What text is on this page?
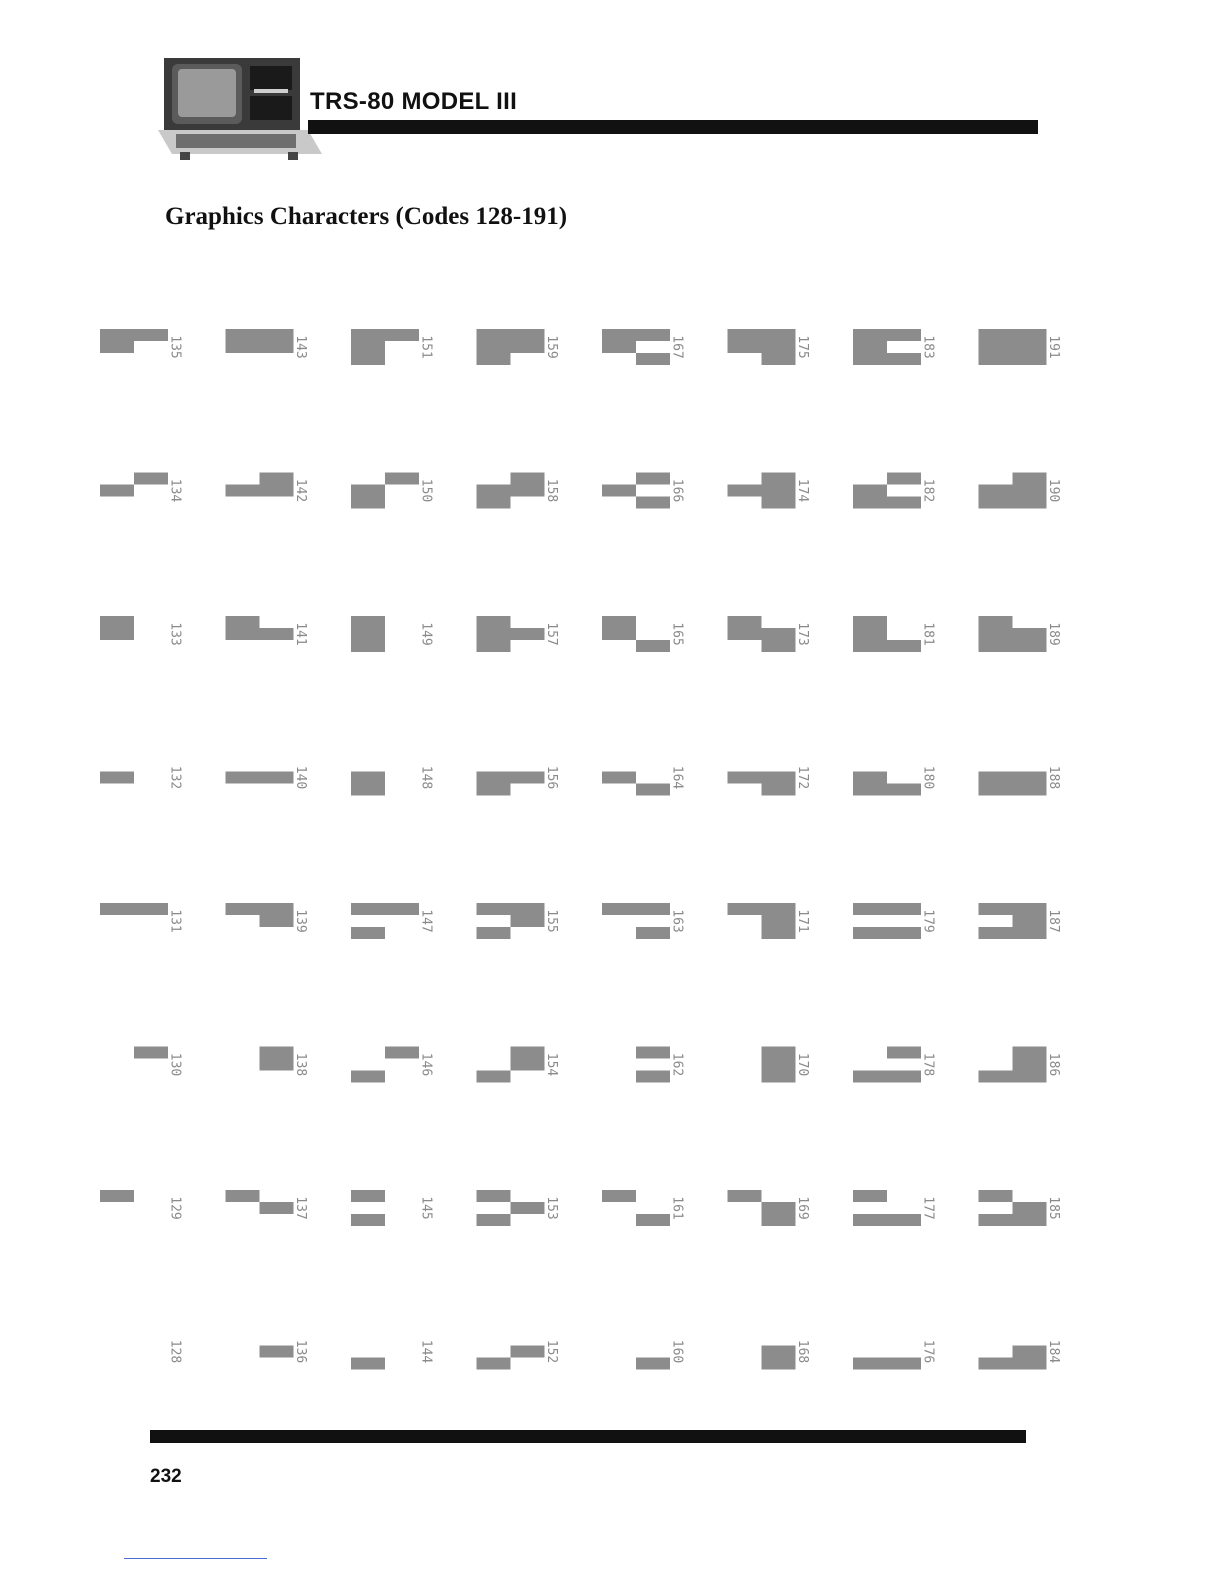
TRS-80 MODEL III
Graphics Characters (Codes 128-191)
135
134
133
132
131
130
129
128
143
142
141
140
139
138
137
136
151
150
149
148
147
146
145
144
159
158
157
156
155
154
153
152
167
166
165
164
163
162
161
160
175
174
173
172
171
170
169
168
183
182
181
180
179
178
177
176
191
190
189
188
187
186
185
184
232
